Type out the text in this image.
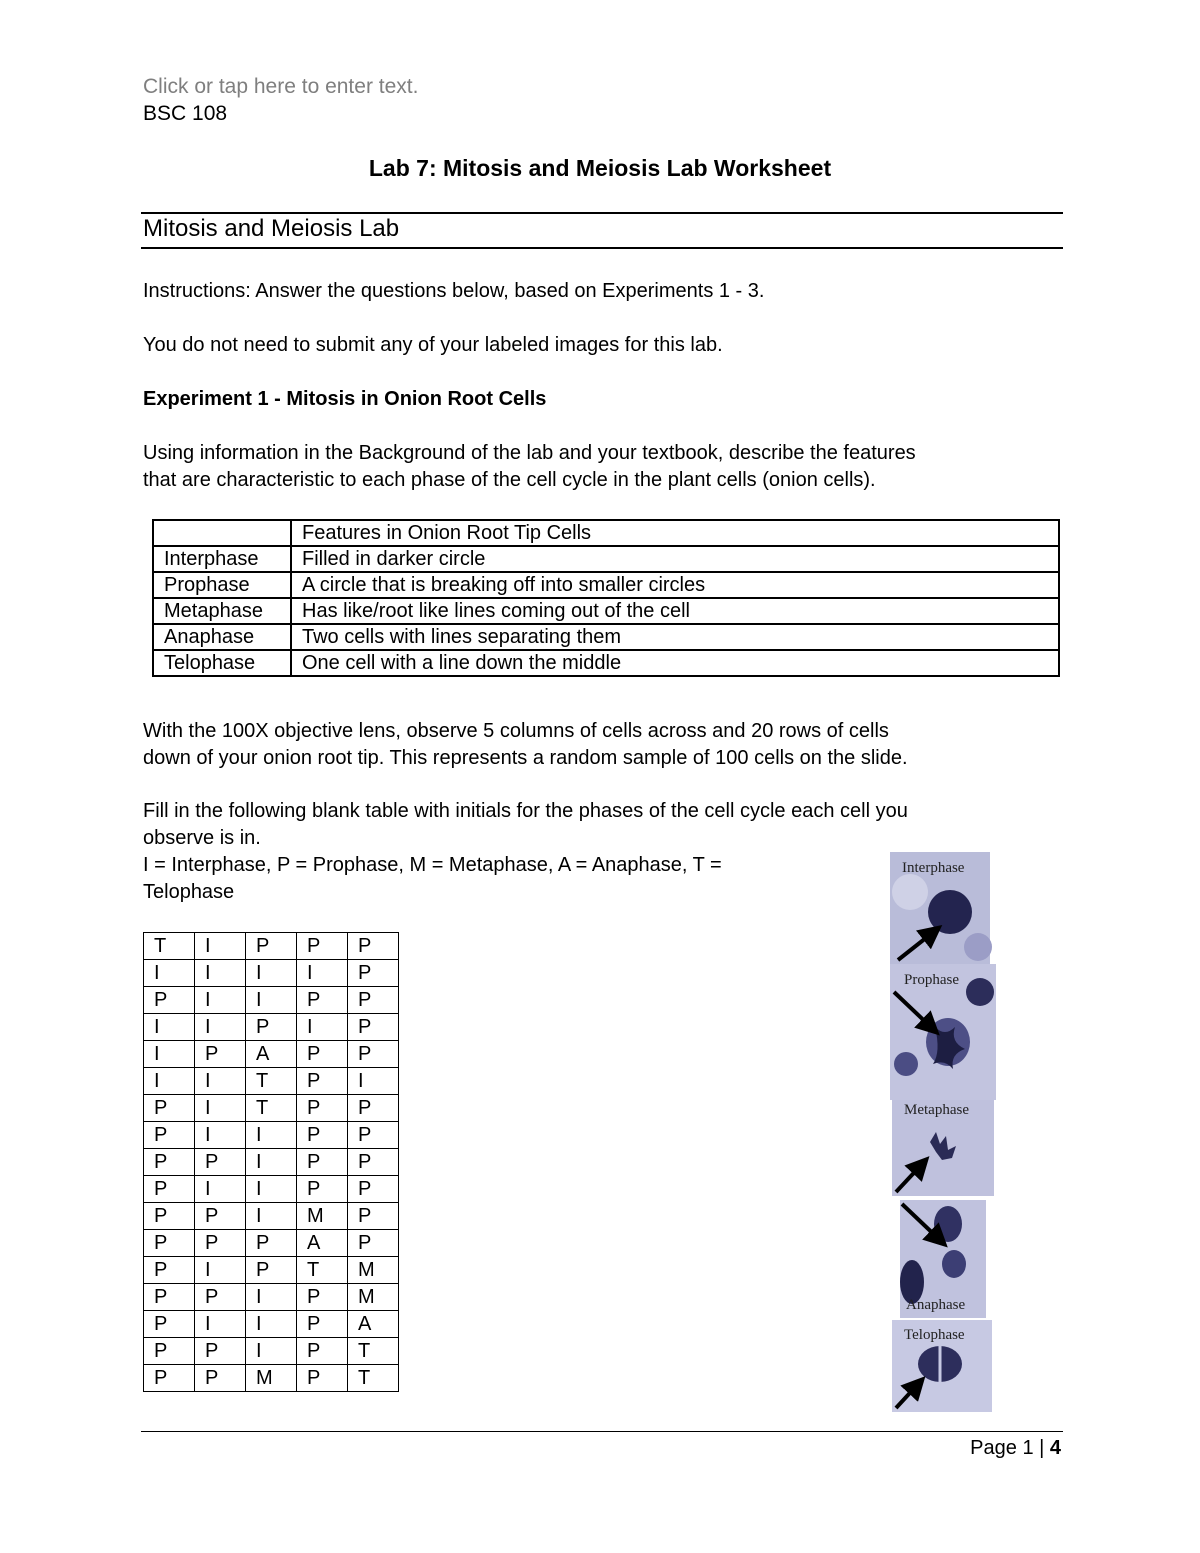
Click or tap here to enter text.
BSC 108
Lab 7: Mitosis and Meiosis Lab Worksheet
Mitosis and Meiosis Lab
Instructions: Answer the questions below, based on Experiments 1 - 3.
You do not need to submit any of your labeled images for this lab.
Experiment 1 - Mitosis in Onion Root Cells
Using information in the Background of the lab and your textbook, describe the features
that are characteristic to each phase of the cell cycle in the plant cells (onion cells).
	Features in Onion Root Tip Cells
Interphase	Filled in darker circle
Prophase	A circle that is breaking off into smaller circles
Metaphase	Has like/root like lines coming out of the cell
Anaphase	Two cells with lines separating them
Telophase	One cell with a line down the middle
With the 100X objective lens, observe 5 columns of cells across and 20 rows of cells
down of your onion root tip. This represents a random sample of 100 cells on the slide.
Fill in the following blank table with initials for the phases of the cell cycle each cell you
observe is in.
I = Interphase, P = Prophase, M = Metaphase, A = Anaphase, T =
Telophase
T	I	P	P	P
I	I	I	I	P
P	I	I	P	P
I	I	P	I	P
I	P	A	P	P
I	I	T	P	I
P	I	T	P	P
P	I	I	P	P
P	P	I	P	P
P	I	I	P	P
P	P	I	M	P
P	P	P	A	P
P	I	P	T	M
P	P	I	P	M
P	I	I	P	A
P	P	I	P	T
P	P	M	P	T
Interphase
Prophase
Metaphase
Anaphase
Telophase
Page 1 | 4
